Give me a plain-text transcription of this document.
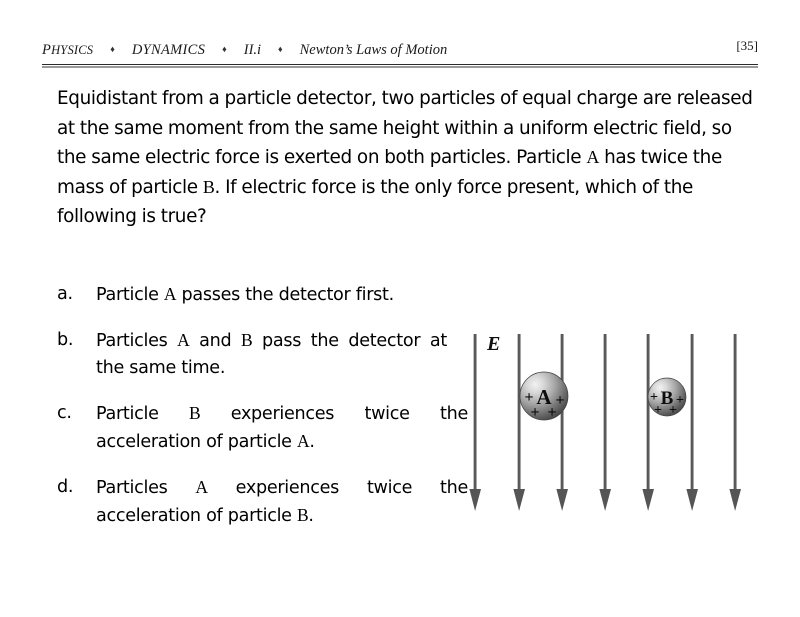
PHYSICS ♦ DYNAMICS ♦ II.i ♦ Newton’s Laws of Motion	[35]
Equidistant from a particle detector, two particles of equal charge are released at the same moment from the same height within a uniform electric field, so the same electric force is exerted on both particles. Particle A has twice the mass of particle B. If electric force is the only force present, which of the following is true?
a.	Particle A passes the detector first.
b.	Particles A and B pass the detector at the same time.
c.	Particle B experiences twice the acceleration of particle A.
d.	Particles A experiences twice the acceleration of particle B.
E
A
+ +
+ +
B
+ +
+ +
